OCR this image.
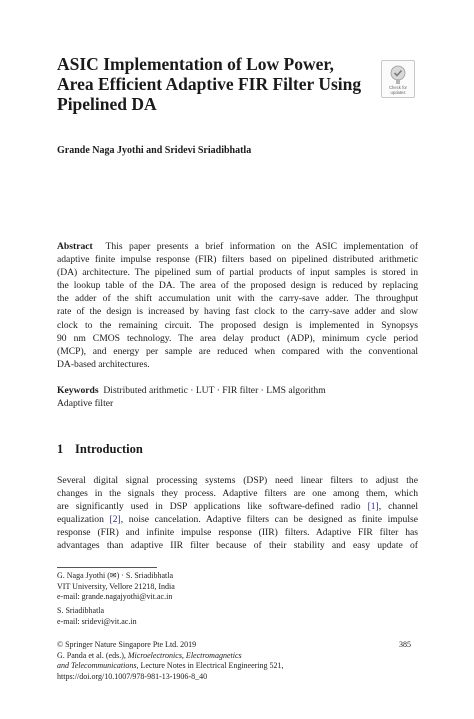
ASIC Implementation of Low Power,
Area Efficient Adaptive FIR Filter Using
Pipelined DA
Check for
updates
Grande Naga Jyothi and Sridevi Sriadibhatla
Abstract This paper presents a brief information on the ASIC implementation of
adaptive finite impulse response (FIR) filters based on pipelined distributed arithmetic
(DA) architecture. The pipelined sum of partial products of input samples is stored in
the lookup table of the DA. The area of the proposed design is reduced by replacing
the adder of the shift accumulation unit with the carry-save adder. The throughput
rate of the design is increased by having fast clock to the carry-save adder and slow
clock to the remaining circuit. The proposed design is implemented in Synopsys
90 nm CMOS technology. The area delay product (ADP), minimum cycle period
(MCP), and energy per sample are reduced when compared with the conventional
DA-based architectures.
Keywords Distributed arithmetic · LUT · FIR filter · LMS algorithm
Adaptive filter
1 Introduction
Several digital signal processing systems (DSP) need linear filters to adjust the
changes in the signals they process. Adaptive filters are one among them, which
are significantly used in DSP applications like software-defined radio [1], channel
equalization [2], noise cancelation. Adaptive filters can be designed as finite impulse
response (FIR) and infinite impulse response (IIR) filters. Adaptive FIR filter has
advantages than adaptive IIR filter because of their stability and easy update of
G. Naga Jyothi (✉) · S. Sriadibhatla
VIT University, Vellore 21218, India
e-mail: grande.nagajyothi@vit.ac.in
S. Sriadibhatla
e-mail: sridevi@vit.ac.in
© Springer Nature Singapore Pte Ltd. 2019
G. Panda et al. (eds.), Microelectronics, Electromagnetics
and Telecommunications, Lecture Notes in Electrical Engineering 521,
https://doi.org/10.1007/978-981-13-1906-8_40
385
